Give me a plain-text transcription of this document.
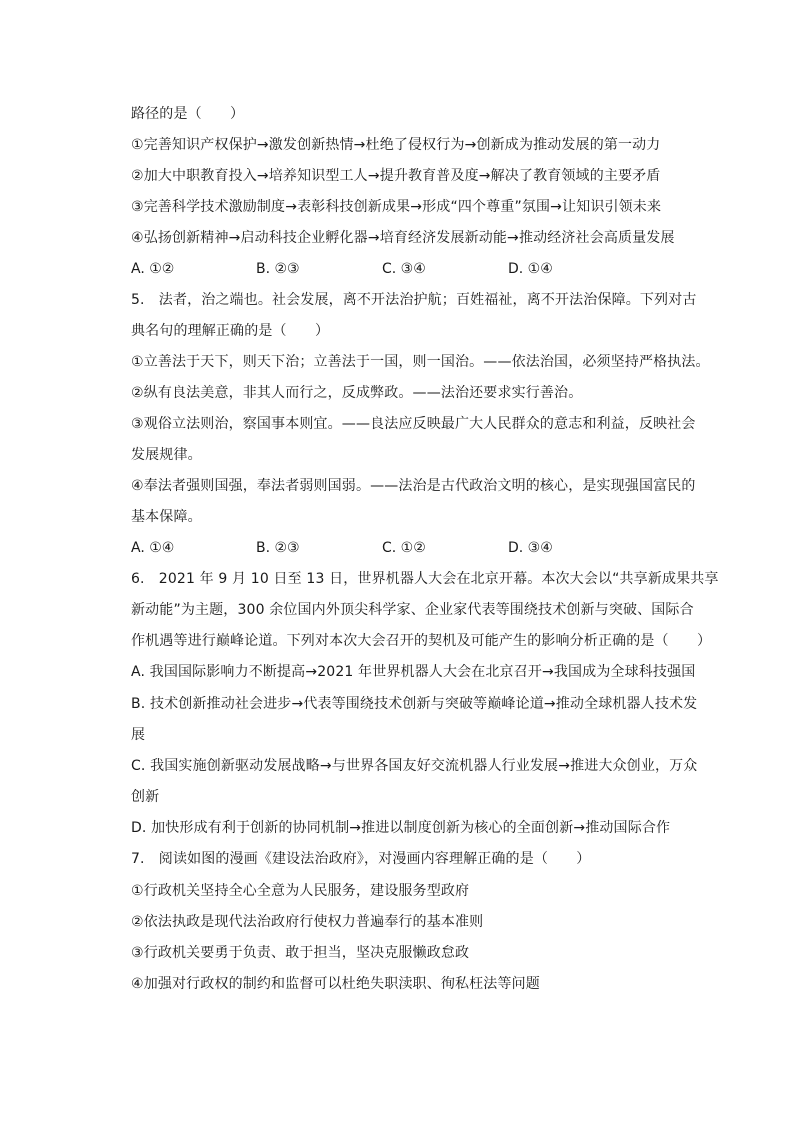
路径的是（　　）
①完善知识产权保护→激发创新热情→杜绝了侵权行为→创新成为推动发展的第一动力
②加大中职教育投入→培养知识型工人→提升教育普及度→解决了教育领域的主要矛盾
③完善科学技术激励制度→表彰科技创新成果→形成“四个尊重”氛围→让知识引领未来
④弘扬创新精神→启动科技企业孵化器→培育经济发展新动能→推动经济社会高质量发展
A. ①②	B. ②③	C. ③④	D. ①④
5.　法者，治之端也。社会发展，离不开法治护航；百姓福祉，离不开法治保障。下列对古
典名句的理解正确的是（　　）
①立善法于天下，则天下治；立善法于一国，则一国治。——依法治国，必须坚持严格执法。
②纵有良法美意，非其人而行之，反成弊政。——法治还要求实行善治。
③观俗立法则治，察国事本则宜。——良法应反映最广大人民群众的意志和利益，反映社会
发展规律。
④奉法者强则国强，奉法者弱则国弱。——法治是古代政治文明的核心，是实现强国富民的
基本保障。
A. ①④	B. ②③	C. ①②	D. ③④
6.　2021 年 9 月 10 日至 13 日，世界机器人大会在北京开幕。本次大会以“共享新成果共享
新动能”为主题，300 余位国内外顶尖科学家、企业家代表等围绕技术创新与突破、国际合
作机遇等进行巅峰论道。下列对本次大会召开的契机及可能产生的影响分析正确的是（　　）
A. 我国国际影响力不断提高→2021 年世界机器人大会在北京召开→我国成为全球科技强国
B. 技术创新推动社会进步→代表等围绕技术创新与突破等巅峰论道→推动全球机器人技术发
展
C. 我国实施创新驱动发展战略→与世界各国友好交流机器人行业发展→推进大众创业，万众
创新
D. 加快形成有利于创新的协同机制→推进以制度创新为核心的全面创新→推动国际合作
7.　阅读如图的漫画《建设法治政府》，对漫画内容理解正确的是（　　）
①行政机关坚持全心全意为人民服务，建设服务型政府
②依法执政是现代法治政府行使权力普遍奉行的基本准则
③行政机关要勇于负责、敢于担当，坚决克服懒政怠政
④加强对行政权的制约和监督可以杜绝失职渎职、徇私枉法等问题
